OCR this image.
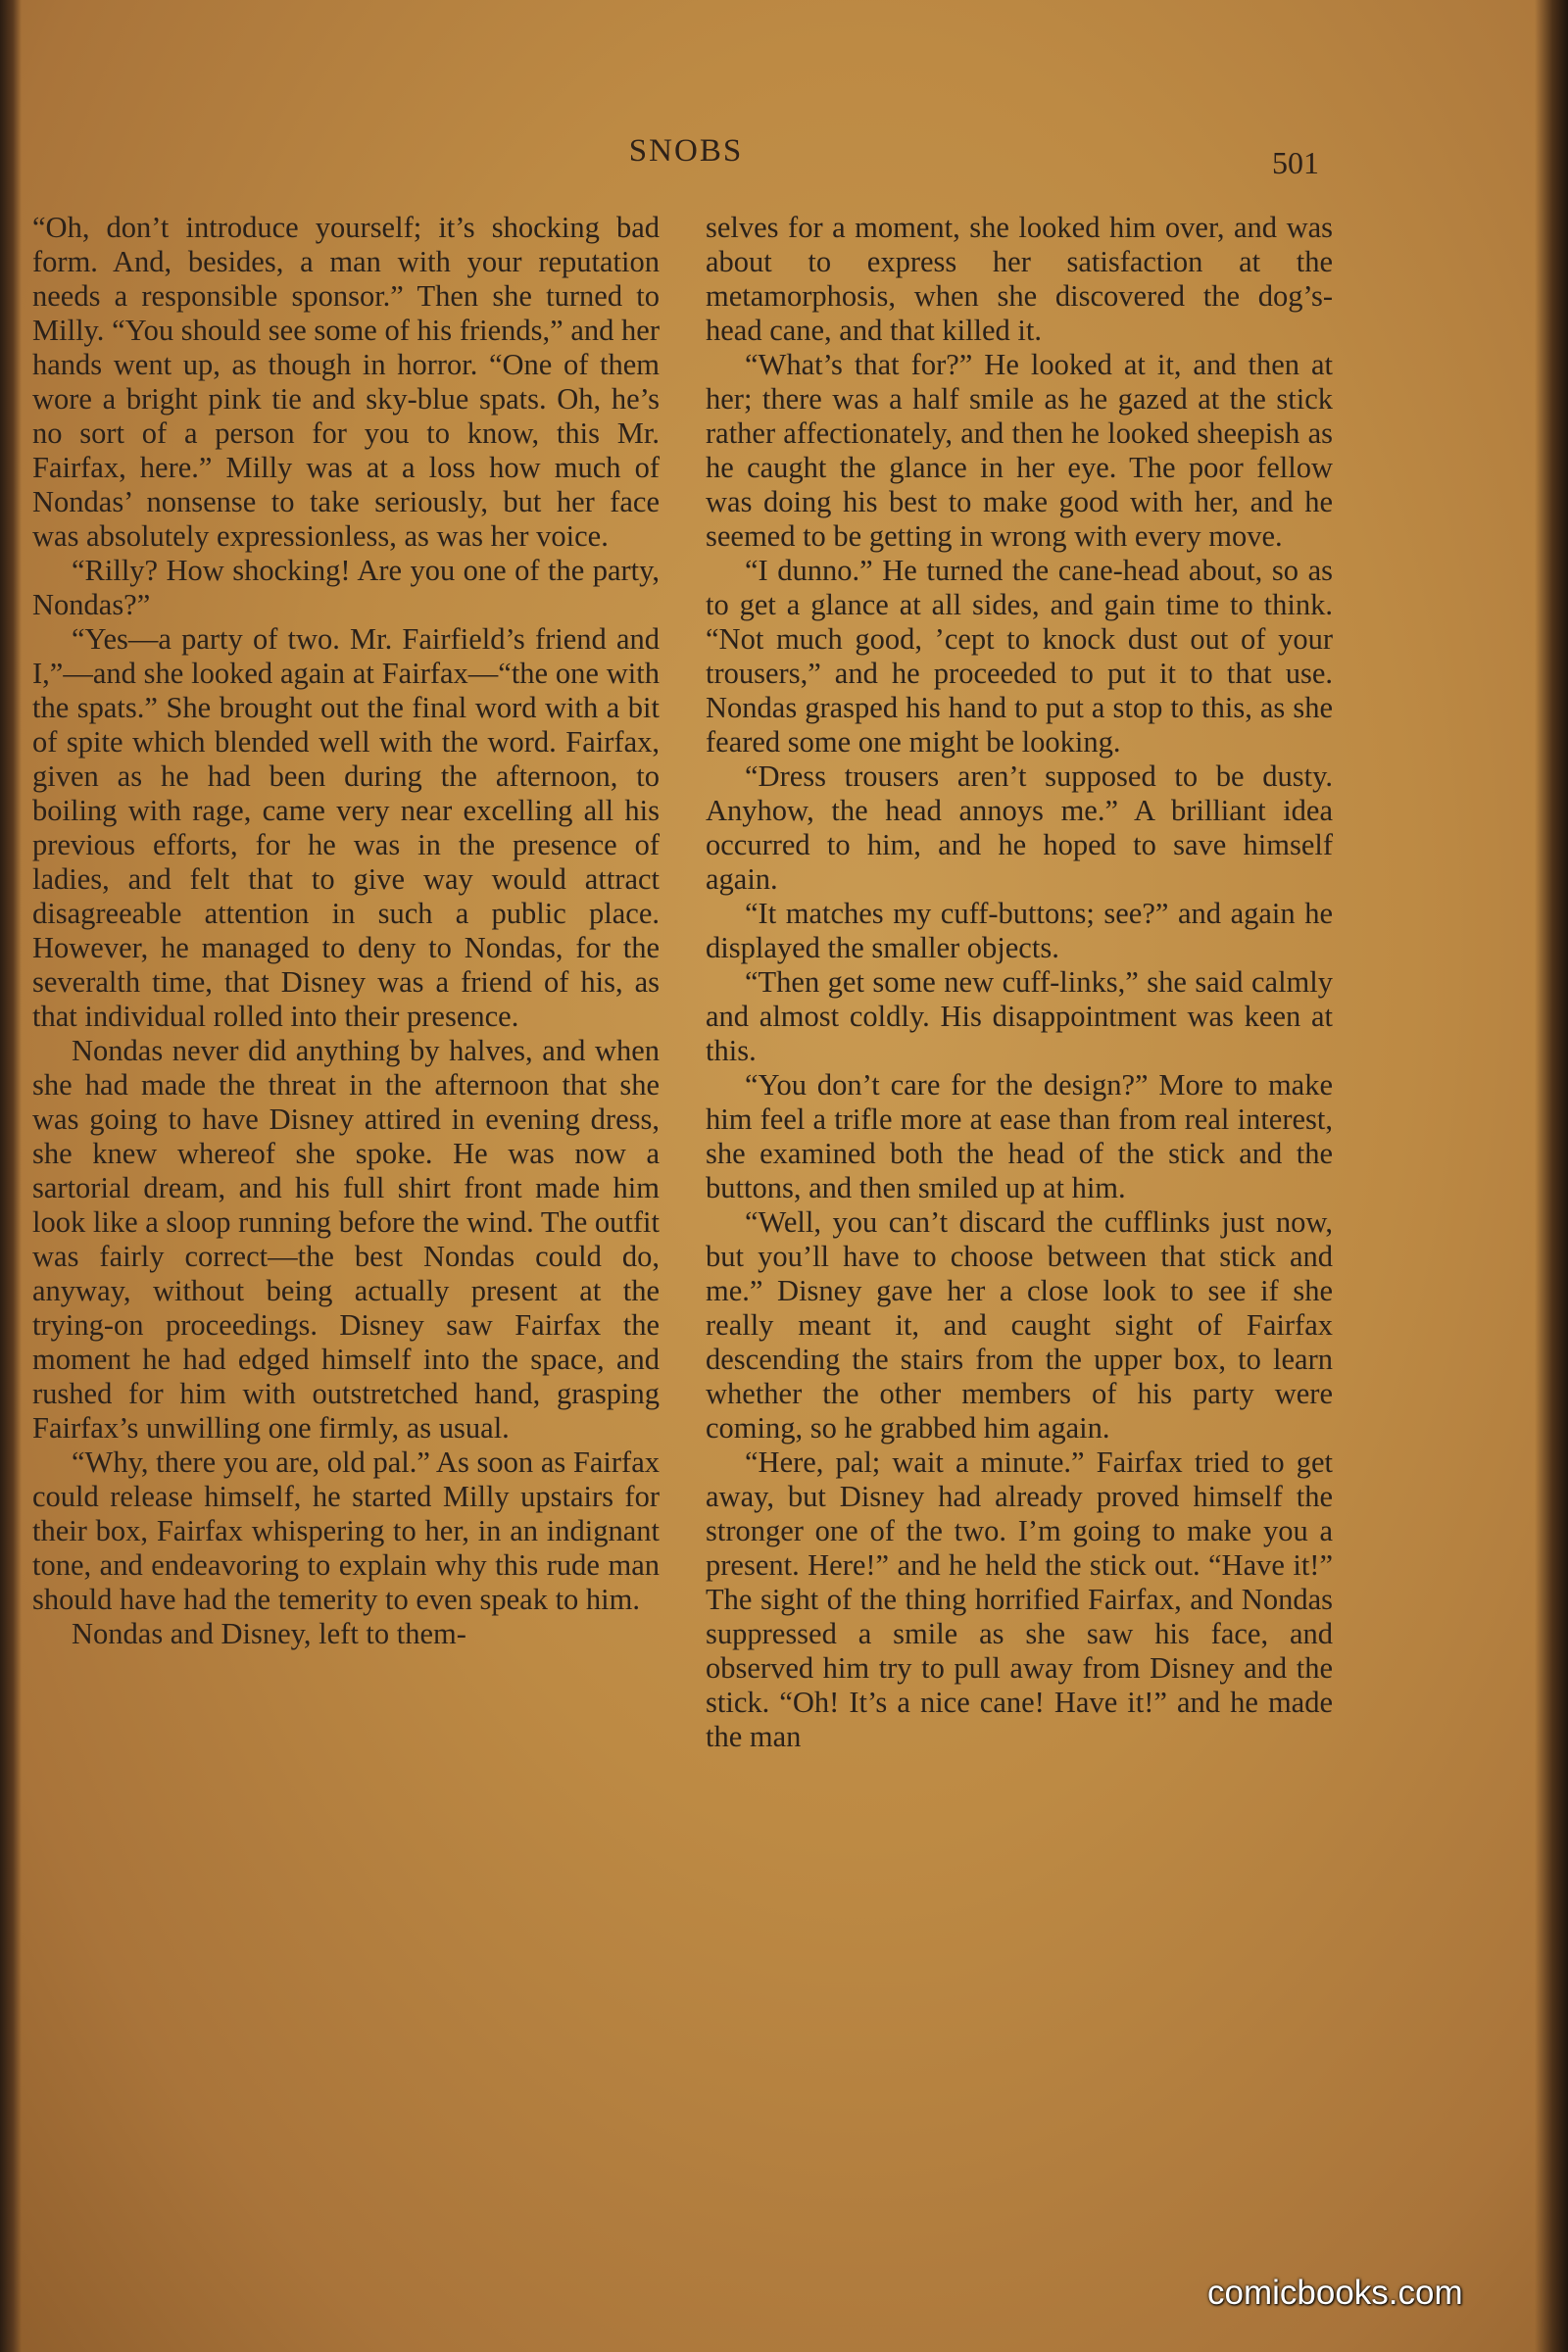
SNOBS	501

“Oh, don’t introduce yourself; it’s shocking bad form. And, besides, a man with your reputation needs a responsible sponsor.” Then she turned to Milly. “You should see some of his friends,” and her hands went up, as though in horror. “One of them wore a bright pink tie and sky-blue spats. Oh, he’s no sort of a person for you to know, this Mr. Fairfax, here.” Milly was at a loss how much of Nondas’ nonsense to take seriously, but her face was absolutely expressionless, as was her voice.

“Rilly? How shocking! Are you one of the party, Nondas?”

“Yes—a party of two. Mr. Fairfield’s friend and I,”—and she looked again at Fairfax—“the one with the spats.” She brought out the final word with a bit of spite which blended well with the word. Fairfax, given as he had been during the afternoon, to boiling with rage, came very near excelling all his previous efforts, for he was in the presence of ladies, and felt that to give way would attract disagreeable attention in such a public place. However, he managed to deny to Nondas, for the severalth time, that Disney was a friend of his, as that individual rolled into their presence.

Nondas never did anything by halves, and when she had made the threat in the afternoon that she was going to have Disney attired in evening dress, she knew whereof she spoke. He was now a sartorial dream, and his full shirt front made him look like a sloop running before the wind. The outfit was fairly correct—the best Nondas could do, anyway, without being actually present at the trying-on proceedings. Disney saw Fairfax the moment he had edged himself into the space, and rushed for him with outstretched hand, grasping Fairfax’s unwilling one firmly, as usual.

“Why, there you are, old pal.” As soon as Fairfax could release himself, he started Milly upstairs for their box, Fairfax whispering to her, in an indignant tone, and endeavoring to explain why this rude man should have had the temerity to even speak to him.

Nondas and Disney, left to them-

selves for a moment, she looked him over, and was about to express her satisfaction at the metamorphosis, when she discovered the dog’s-head cane, and that killed it.

“What’s that for?” He looked at it, and then at her; there was a half smile as he gazed at the stick rather affectionately, and then he looked sheepish as he caught the glance in her eye. The poor fellow was doing his best to make good with her, and he seemed to be getting in wrong with every move.

“I dunno.” He turned the cane-head about, so as to get a glance at all sides, and gain time to think. “Not much good, ’cept to knock dust out of your trousers,” and he proceeded to put it to that use. Nondas grasped his hand to put a stop to this, as she feared some one might be looking.

“Dress trousers aren’t supposed to be dusty. Anyhow, the head annoys me.” A brilliant idea occurred to him, and he hoped to save himself again.

“It matches my cuff-buttons; see?” and again he displayed the smaller objects.

“Then get some new cuff-links,” she said calmly and almost coldly. His disappointment was keen at this.

“You don’t care for the design?” More to make him feel a trifle more at ease than from real interest, she examined both the head of the stick and the buttons, and then smiled up at him.

“Well, you can’t discard the cufflinks just now, but you’ll have to choose between that stick and me.” Disney gave her a close look to see if she really meant it, and caught sight of Fairfax descending the stairs from the upper box, to learn whether the other members of his party were coming, so he grabbed him again.

“Here, pal; wait a minute.” Fairfax tried to get away, but Disney had already proved himself the stronger one of the two. I’m going to make you a present. Here!” and he held the stick out. “Have it!” The sight of the thing horrified Fairfax, and Nondas suppressed a smile as she saw his face, and observed him try to pull away from Disney and the stick. “Oh! It’s a nice cane! Have it!” and he made the man

comicbooks.com
